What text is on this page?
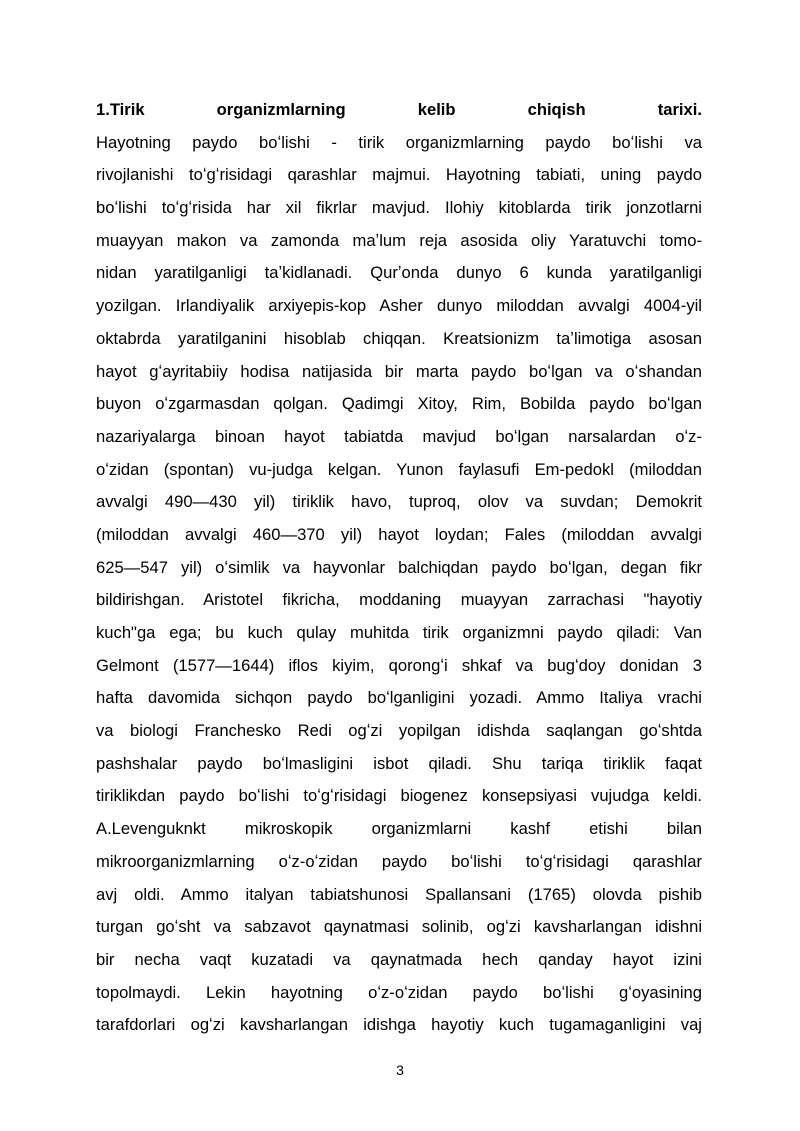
1.Tirik organizmlarning kelib chiqish tarixi.
Hayotning paydo boʻlishi - tirik organizmlarning paydo boʻlishi va
rivojlanishi toʻgʻrisidagi qarashlar majmui. Hayotning tabiati, uning paydo
boʻlishi toʻgʻrisida har xil fikrlar mavjud. Ilohiy kitoblarda tirik jonzotlarni
muayyan makon va zamonda maʼlum reja asosida oliy Yaratuvchi tomo-
nidan yaratilganligi taʼkidlanadi. Qurʼonda dunyo 6 kunda yaratilganligi
yozilgan. Irlandiyalik arxiyepis-kop Asher dunyo miloddan avvalgi 4004-yil
oktabrda yaratilganini hisoblab chiqqan. Kreatsionizm taʼlimotiga asosan
hayot gʻayritabiiy hodisa natijasida bir marta paydo boʻlgan va oʻshandan
buyon oʻzgarmasdan qolgan. Qadimgi Xitoy, Rim, Bobilda paydo boʻlgan
nazariyalarga binoan hayot tabiatda mavjud boʻlgan narsalardan oʻz-
oʻzidan (spontan) vu-judga kelgan. Yunon faylasufi Em-pedokl (miloddan
avvalgi 490—430 yil) tiriklik havo, tuproq, olov va suvdan; Demokrit
(miloddan avvalgi 460—370 yil) hayot loydan; Fales (miloddan avvalgi
625—547 yil) oʻsimlik va hayvonlar balchiqdan paydo boʻlgan, degan fikr
bildirishgan. Aristotel fikricha, moddaning muayyan zarrachasi "hayotiy
kuch"ga ega; bu kuch qulay muhitda tirik organizmni paydo qiladi: Van
Gelmont (1577—1644) iflos kiyim, qorongʻi shkaf va bugʻdoy donidan 3
hafta davomida sichqon paydo boʻlganligini yozadi. Ammo Italiya vrachi
va biologi Franchesko Redi ogʻzi yopilgan idishda saqlangan goʻshtda
pashshalar paydo boʻlmasligini isbot qiladi. Shu tariqa tiriklik faqat
tiriklikdan paydo boʻlishi toʻgʻrisidagi biogenez konsepsiyasi vujudga keldi.
A.Levenguknkt mikroskopik organizmlarni kashf etishi bilan
mikroorganizmlarning oʻz-oʻzidan paydo boʻlishi toʻgʻrisidagi qarashlar
avj oldi. Ammo italyan tabiatshunosi Spallansani (1765) olovda pishib
turgan goʻsht va sabzavot qaynatmasi solinib, ogʻzi kavsharlangan idishni
bir necha vaqt kuzatadi va qaynatmada hech qanday hayot izini
topolmaydi. Lekin hayotning oʻz-oʻzidan paydo boʻlishi gʻoyasining
tarafdorlari ogʻzi kavsharlangan idishga hayotiy kuch tugamaganligini vaj
3
